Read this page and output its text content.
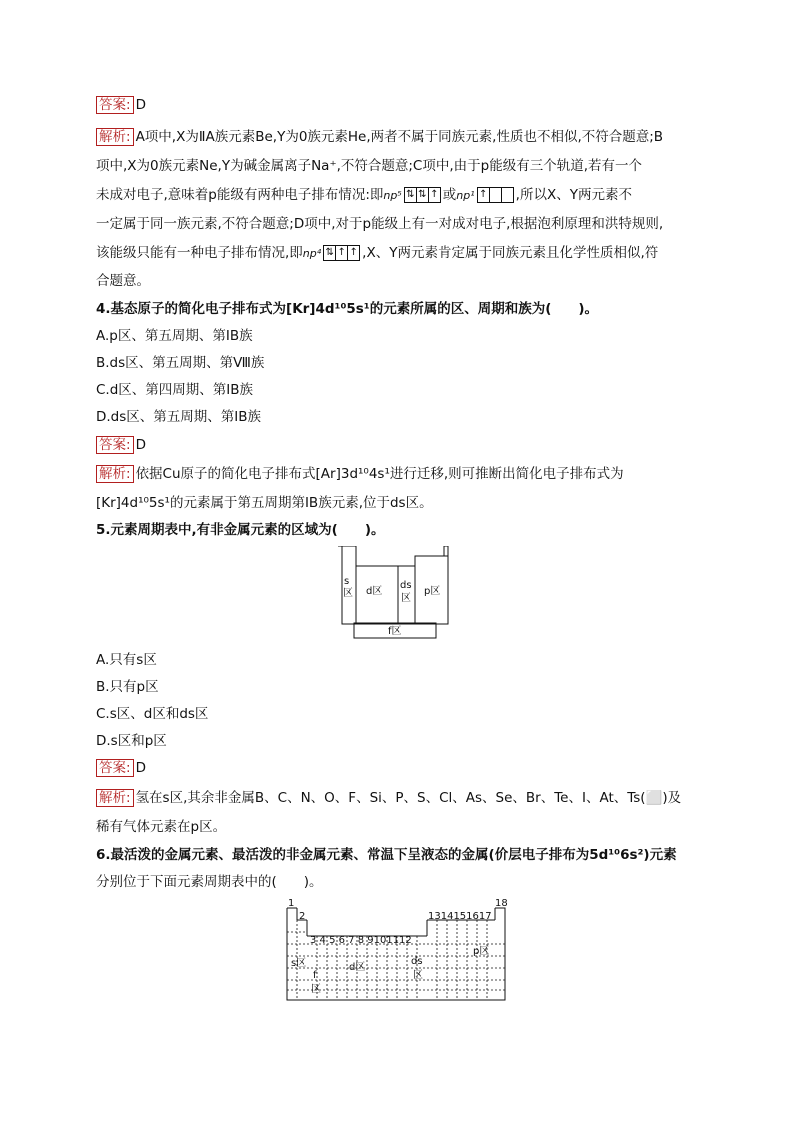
答案: D
解析: A项中,X为ⅡA族元素Be,Y为0族元素He,两者不属于同族元素,性质也不相似,不符合题意;B
项中,X为0族元素Ne,Y为碱金属离子Na⁺,不符合题意;C项中,由于p能级有三个轨道,若有一个
未成对电子,意味着p能级有两种电子排布情况:即np⁵ ⇅ ⇅ ↑ 或np¹ ↑ ,所以X、Y两元素不
一定属于同一族元素,不符合题意;D项中,对于p能级上有一对成对电子,根据泡利原理和洪特规则,
该能级只能有一种电子排布情况,即np⁴ ⇅ ↑ ↑ ,X、Y两元素肯定属于同族元素且化学性质相似,符
合题意。
4.基态原子的简化电子排布式为[Kr]4d¹⁰5s¹的元素所属的区、周期和族为(　　)。
A.p区、第五周期、第ⅠB族
B.ds区、第五周期、第Ⅷ族
C.d区、第四周期、第ⅠB族
D.ds区、第五周期、第ⅠB族
答案: D
解析: 依据Cu原子的简化电子排布式[Ar]3d¹⁰4s¹进行迁移,则可推断出简化电子排布式为
[Kr]4d¹⁰5s¹的元素属于第五周期第ⅠB族元素,位于ds区。
5.元素周期表中,有非金属元素的区域为(　　)。
s
区 d区
ds
区
p区
f区
A.只有s区
B.只有p区
C.s区、d区和ds区
D.s区和p区
答案: D
解析: 氢在s区,其余非金属B、C、N、O、F、Si、P、S、Cl、As、Se、Br、Te、I、At、Ts(⬜)及
稀有气体元素在p区。
6.最活泼的金属元素、最活泼的非金属元素、常温下呈液态的金属(价层电子排布为5d¹⁰6s²)元素
分别位于下面元素周期表中的(　　)。
1
2
18
3 4 5 6 7 8 9101112
1314151617
s区	d区
ds
区
p区
f
区
